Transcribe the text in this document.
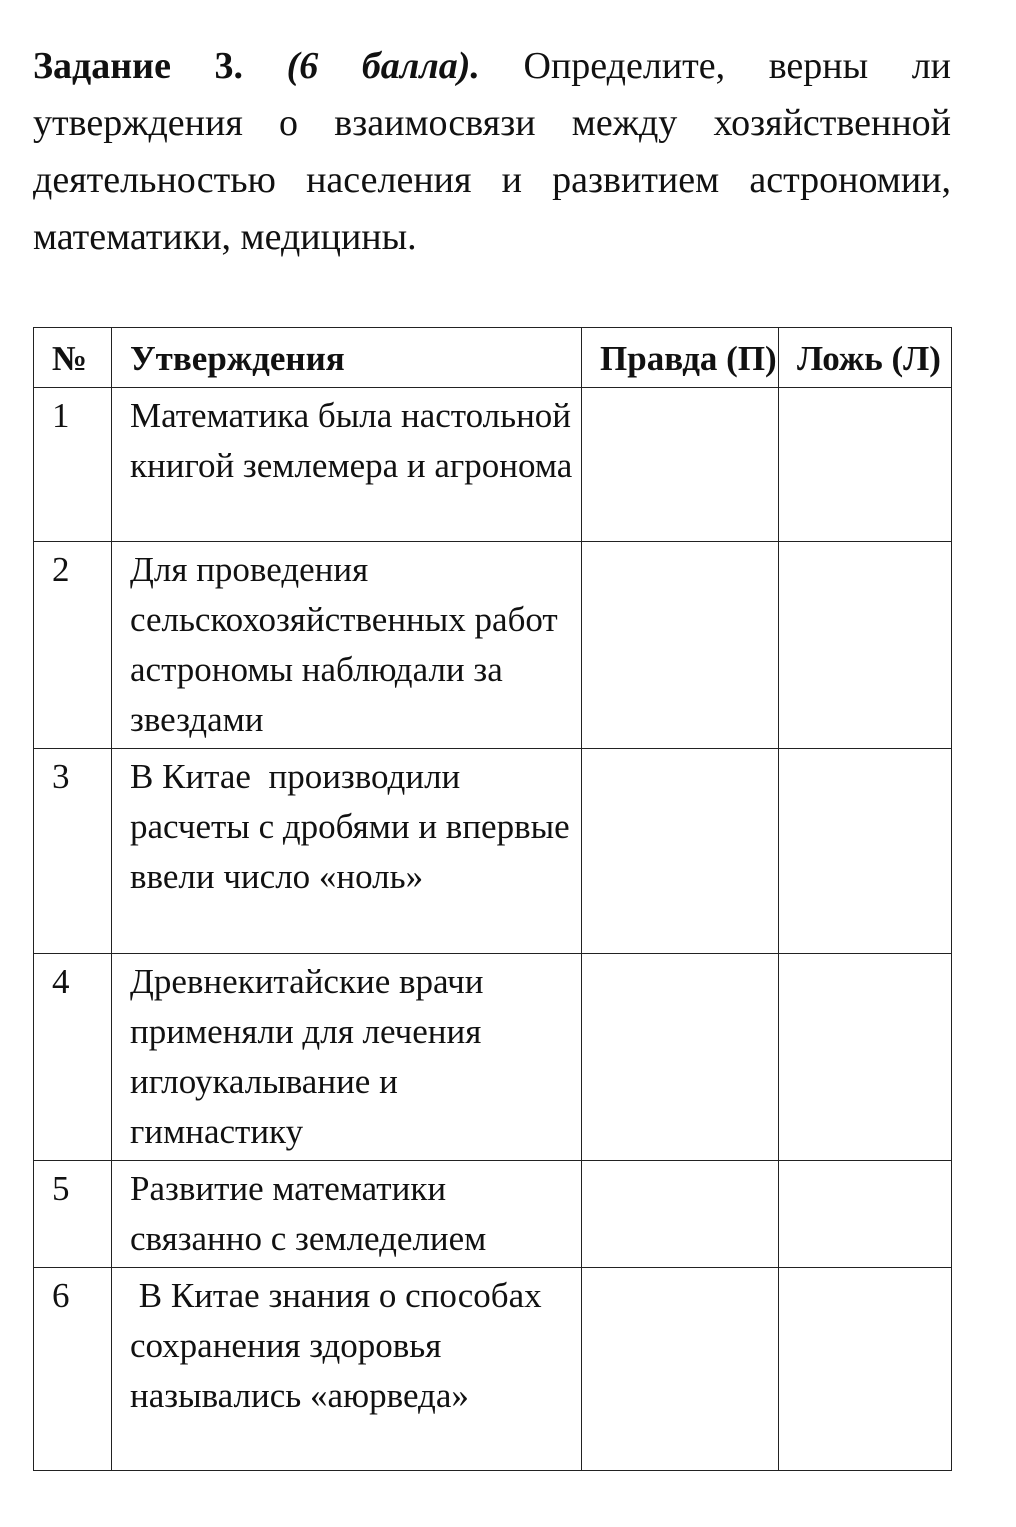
Задание 3. (6 балла). Определите, верны ли утверждения о взаимосвязи между хозяйственной деятельностью населения и развитием астрономии, математики, медицины.

№	Утверждения	Правда (П)	Ложь (Л)
1	Математика была настольной книгой землемера и агронома		

2	Для проведения сельскохозяйственных работ астрономы наблюдали за звездами		

3	В Китае  производили расчеты с дробями и впервые ввели число «ноль»		

4	Древнекитайские врачи применяли для лечения иглоукалывание и гимнастику		

5	Развитие математики связанно с земледелием		

6	В Китае знания о способах сохранения здоровья назывались «аюрведа»		
